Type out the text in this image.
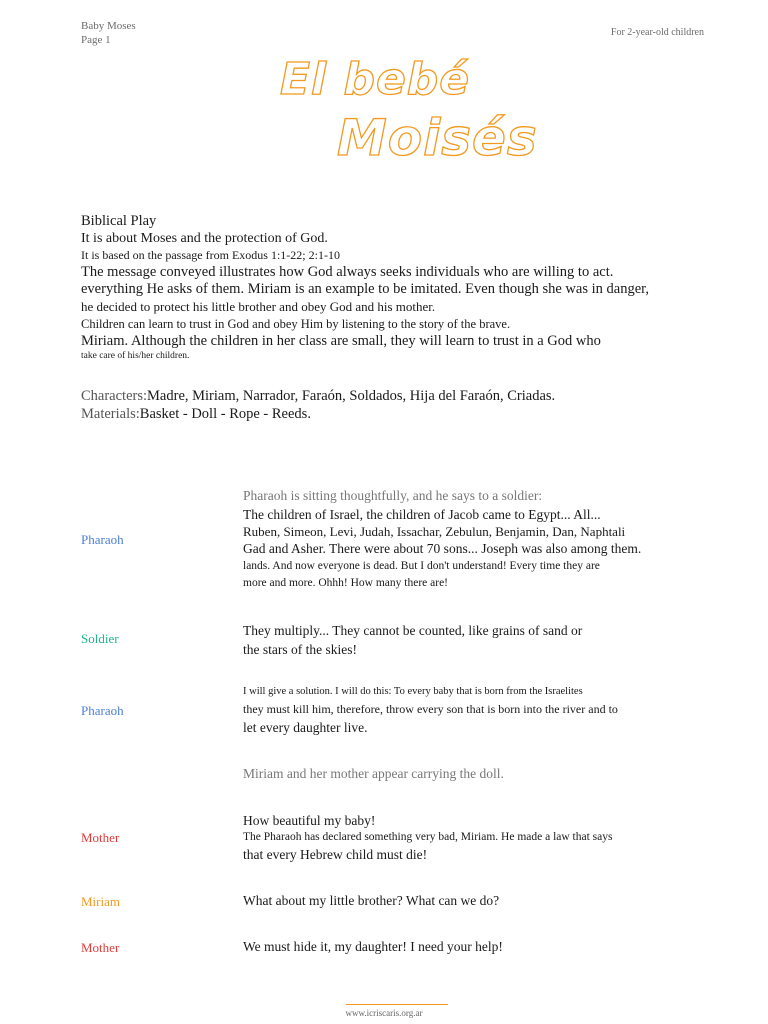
Baby Moses
Page 1
For 2-year-old children
El bebé
Moisés
Biblical Play
It is about Moses and the protection of God.
It is based on the passage from Exodus 1:1-22; 2:1-10
The message conveyed illustrates how God always seeks individuals who are willing to act.
everything He asks of them. Miriam is an example to be imitated. Even though she was in danger,
he decided to protect his little brother and obey God and his mother.
Children can learn to trust in God and obey Him by listening to the story of the brave.
Miriam. Although the children in her class are small, they will learn to trust in a God who
take care of his/her children.
Characters:Madre, Miriam, Narrador, Faraón, Soldados, Hija del Faraón, Criadas.
Materials:Basket - Doll - Rope - Reeds.
Pharaoh is sitting thoughtfully, and he says to a soldier:
Pharaoh
The children of Israel, the children of Jacob came to Egypt... All...
Ruben, Simeon, Levi, Judah, Issachar, Zebulun, Benjamin, Dan, Naphtali
Gad and Asher. There were about 70 sons... Joseph was also among them.
lands. And now everyone is dead. But I don't understand! Every time they are
more and more. Ohhh! How many there are!
Soldier
They multiply... They cannot be counted, like grains of sand or
the stars of the skies!
Pharaoh
I will give a solution. I will do this: To every baby that is born from the Israelites
they must kill him, therefore, throw every son that is born into the river and to
let every daughter live.
Miriam and her mother appear carrying the doll.
Mother
How beautiful my baby!
The Pharaoh has declared something very bad, Miriam. He made a law that says
that every Hebrew child must die!
Miriam	What about my little brother? What can we do?
Mother	We must hide it, my daughter! I need your help!
www.icriscaris.org.ar
